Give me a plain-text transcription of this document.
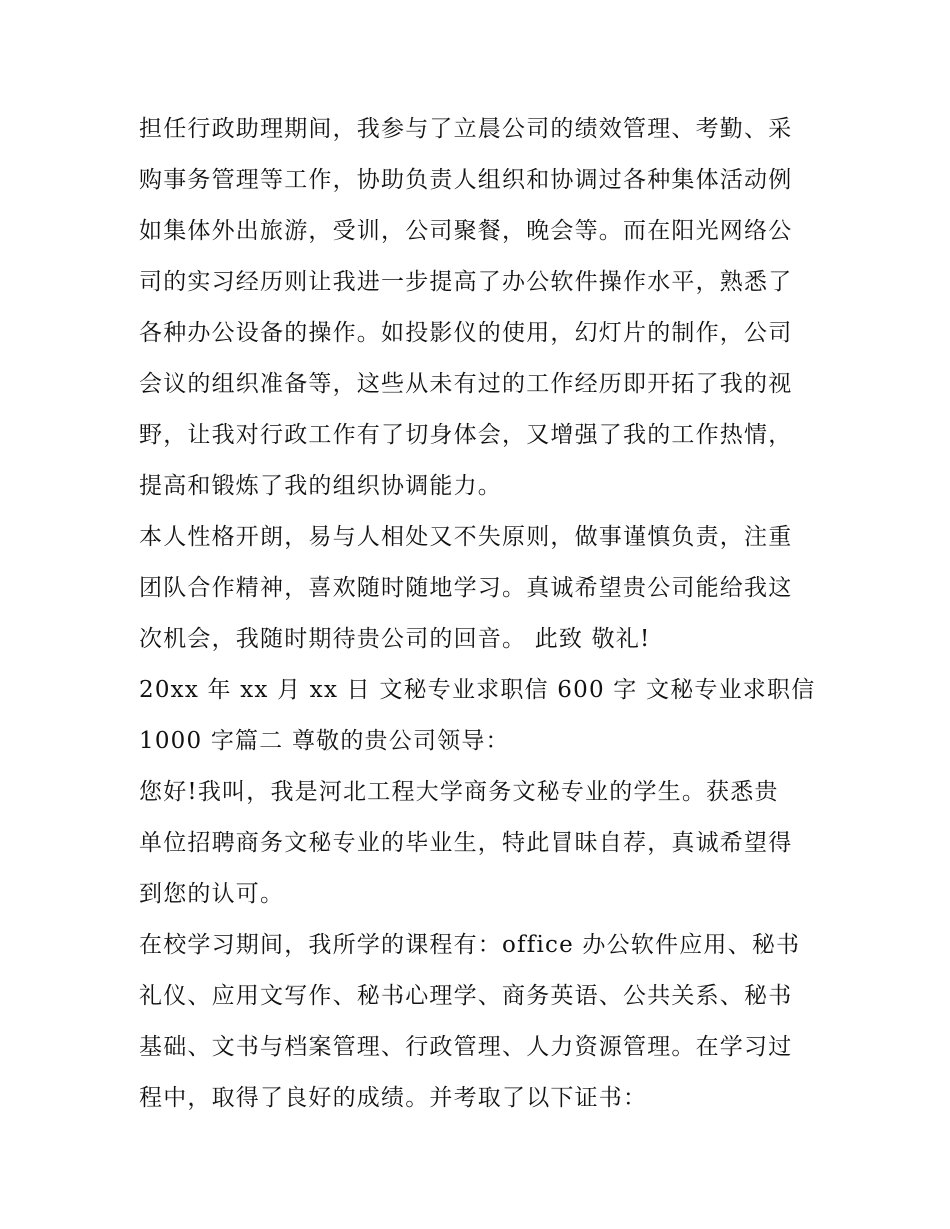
担任行政助理期间，我参与了立晨公司的绩效管理、考勤、采
购事务管理等工作，协助负责人组织和协调过各种集体活动例
如集体外出旅游，受训，公司聚餐，晚会等。而在阳光网络公
司的实习经历则让我进一步提高了办公软件操作水平，熟悉了
各种办公设备的操作。如投影仪的使用，幻灯片的制作，公司
会议的组织准备等，这些从未有过的工作经历即开拓了我的视
野，让我对行政工作有了切身体会，又增强了我的工作热情，
提高和锻炼了我的组织协调能力。
本人性格开朗，易与人相处又不失原则，做事谨慎负责，注重
团队合作精神，喜欢随时随地学习。真诚希望贵公司能给我这
次机会，我随时期待贵公司的回音。 此致 敬礼!
20xx 年 xx 月 xx 日 文秘专业求职信 600 字 文秘专业求职信
1000 字篇二 尊敬的贵公司领导：
您好!我叫，我是河北工程大学商务文秘专业的学生。获悉贵
单位招聘商务文秘专业的毕业生，特此冒昧自荐，真诚希望得
到您的认可。
在校学习期间，我所学的课程有：office 办公软件应用、秘书
礼仪、应用文写作、秘书心理学、商务英语、公共关系、秘书
基础、文书与档案管理、行政管理、人力资源管理。在学习过
程中，取得了良好的成绩。并考取了以下证书：
